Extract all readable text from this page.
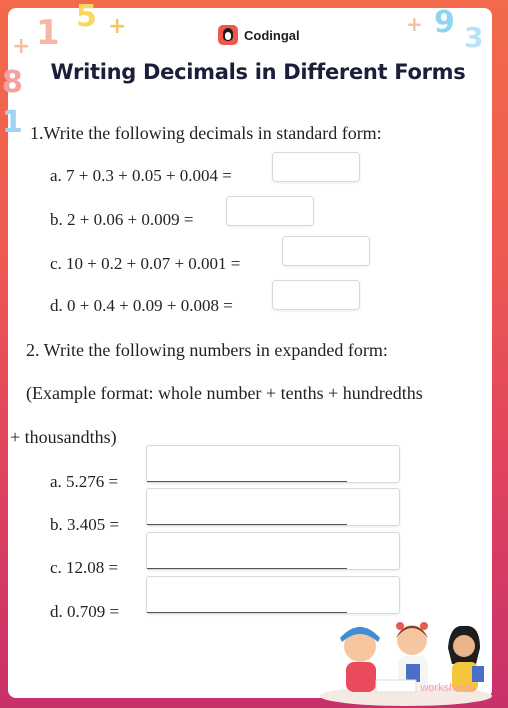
1 5 +	9 3
8
1
+
+
Codingal
Writing Decimals in Different Forms
1.Write the following decimals in standard form:
a. 7 + 0.3 + 0.05 + 0.004 =
b. 2 + 0.06 + 0.009 =
c. 10 + 0.2 + 0.07 + 0.001 =
d. 0 + 0.4 + 0.09 + 0.008 =
2. Write the following numbers in expanded form:
(Example format: whole number + tenths + hundredths
+ thousandths)
a. 5.276 =
b. 3.405 =
c. 12.08 =
d. 0.709 =
worksheets
